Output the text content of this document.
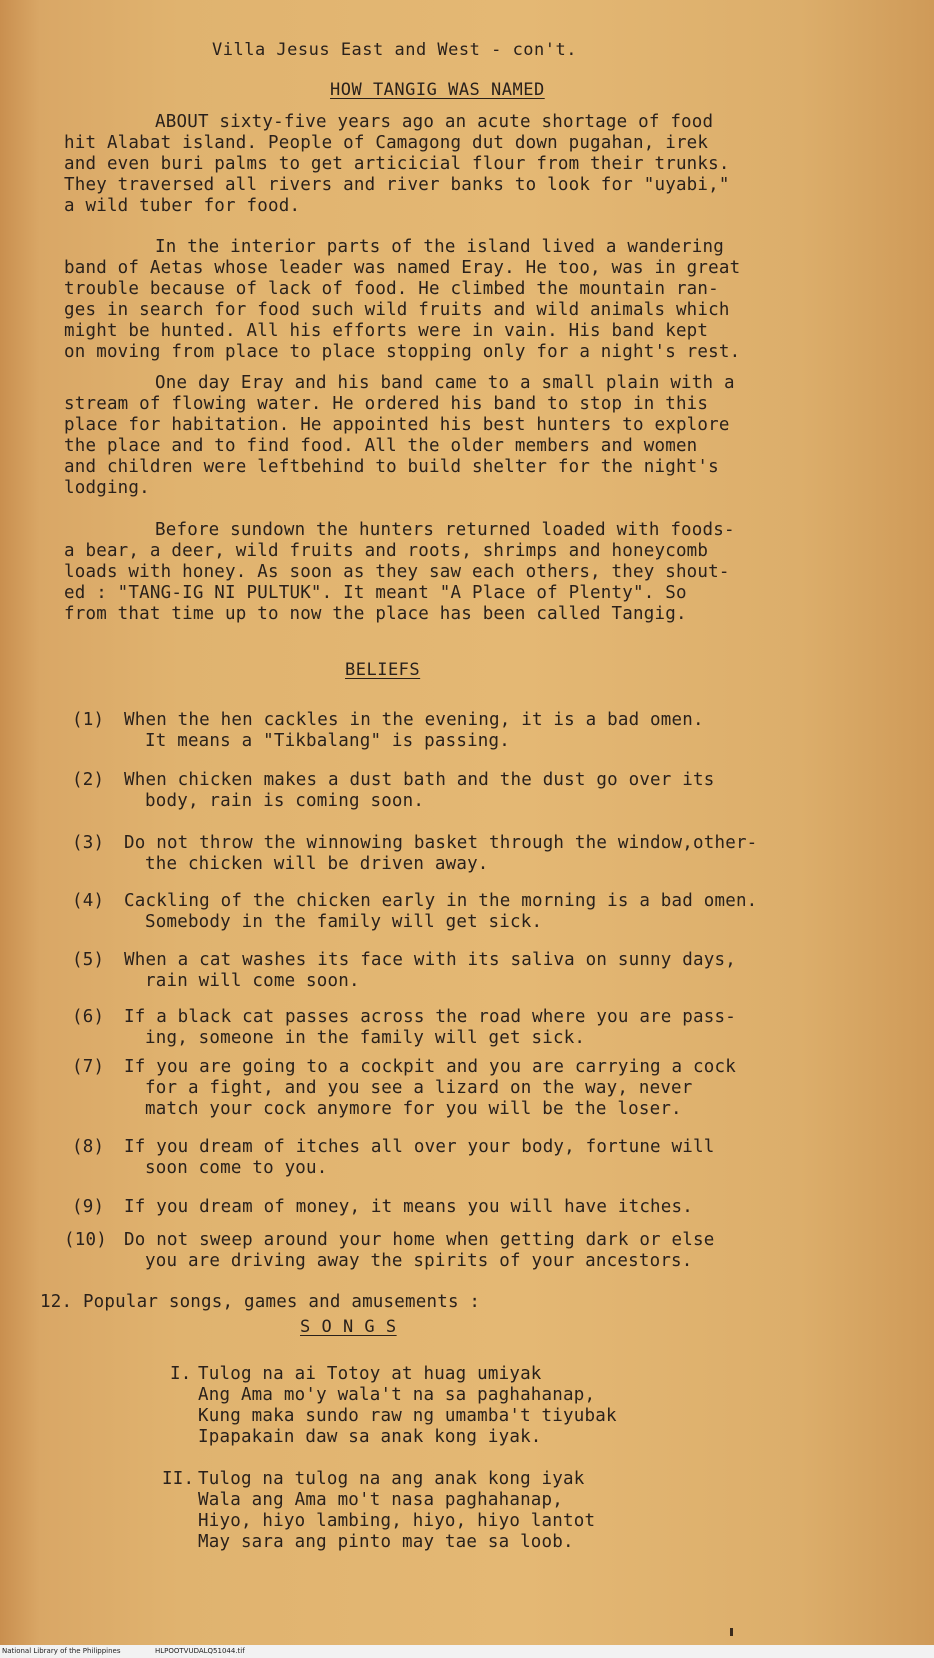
Villa Jesus East and West - con't.
HOW TANGIG WAS NAMED
ABOUT sixty-five years ago an acute shortage of food
hit Alabat island. People of Camagong dut down pugahan, irek
and even buri palms to get articicial flour from their trunks.
They traversed all rivers and river banks to look for "uyabi,"
a wild tuber for food.
In the interior parts of the island lived a wandering
band of Aetas whose leader was named Eray. He too, was in great
trouble because of lack of food. He climbed the mountain ran-
ges in search for food such wild fruits and wild animals which
might be hunted. All his efforts were in vain. His band kept
on moving from place to place stopping only for a night's rest.
One day Eray and his band came to a small plain with a
stream of flowing water. He ordered his band to stop in this
place for habitation. He appointed his best hunters to explore
the place and to find food. All the older members and women
and children were leftbehind to build shelter for the night's
lodging.
Before sundown the hunters returned loaded with foods-
a bear, a deer, wild fruits and roots, shrimps and honeycomb
loads with honey. As soon as they saw each others, they shout-
ed : "TANG-IG NI PULTUK". It meant "A Place of Plenty". So
from that time up to now the place has been called Tangig.
BELIEFS
(1) When the hen cackles in the evening, it is a bad omen.
It means a "Tikbalang" is passing.
(2) When chicken makes a dust bath and the dust go over its
body, rain is coming soon.
(3) Do not throw the winnowing basket through the window,other-
the chicken will be driven away.
(4) Cackling of the chicken early in the morning is a bad omen.
Somebody in the family will get sick.
(5) When a cat washes its face with its saliva on sunny days,
rain will come soon.
(6) If a black cat passes across the road where you are pass-
ing, someone in the family will get sick.
(7) If you are going to a cockpit and you are carrying a cock
for a fight, and you see a lizard on the way, never
match your cock anymore for you will be the loser.
(8) If you dream of itches all over your body, fortune will
soon come to you.
(9) If you dream of money, it means you will have itches.
(10) Do not sweep around your home when getting dark or else
you are driving away the spirits of your ancestors.
12. Popular songs, games and amusements :
S O N G S
I. Tulog na ai Totoy at huag umiyak
Ang Ama mo'y wala't na sa paghahanap,
Kung maka sundo raw ng umamba't tiyubak
Ipapakain daw sa anak kong iyak.
II. Tulog na tulog na ang anak kong iyak
Wala ang Ama mo't nasa paghahanap,
Hiyo, hiyo lambing, hiyo, hiyo lantot
May sara ang pinto may tae sa loob.
National Library of the Philippines	HLPOOTVUDALQ51044.tif
